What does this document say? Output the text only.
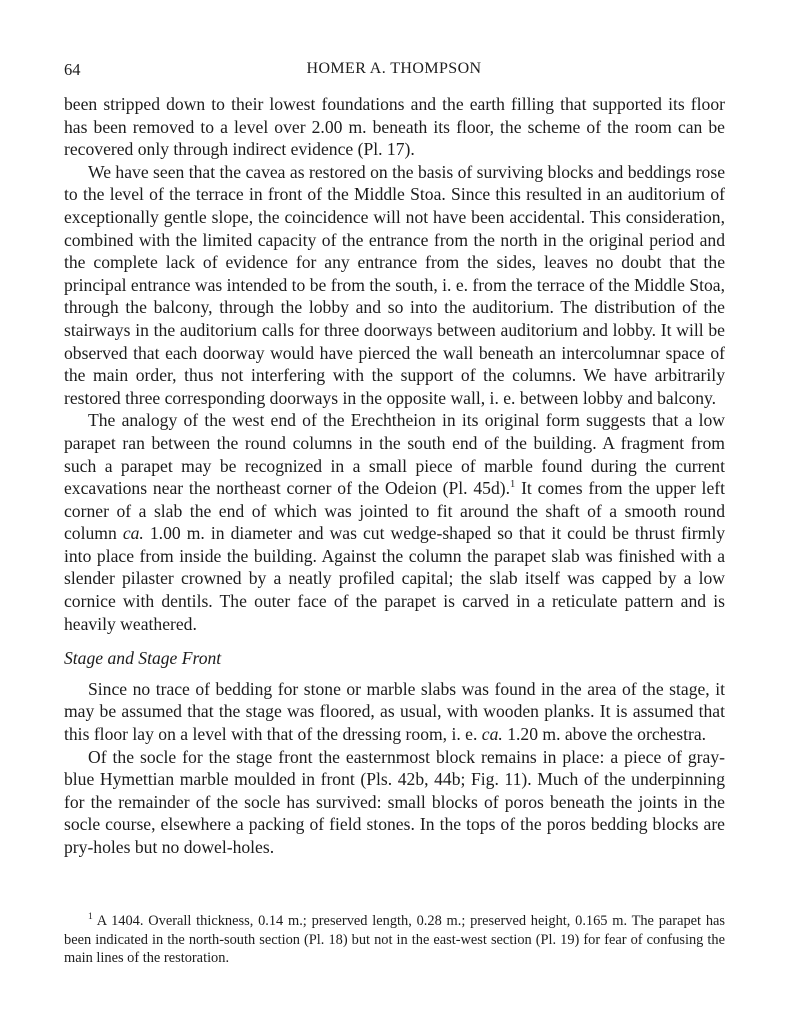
64	HOMER A. THOMPSON

been stripped down to their lowest foundations and the earth filling that supported its floor has been removed to a level over 2.00 m. beneath its floor, the scheme of the room can be recovered only through indirect evidence (Pl. 17).

We have seen that the cavea as restored on the basis of surviving blocks and beddings rose to the level of the terrace in front of the Middle Stoa. Since this resulted in an auditorium of exceptionally gentle slope, the coincidence will not have been accidental. This consideration, combined with the limited capacity of the entrance from the north in the original period and the complete lack of evidence for any entrance from the sides, leaves no doubt that the principal entrance was intended to be from the south, i. e. from the terrace of the Middle Stoa, through the balcony, through the lobby and so into the auditorium. The distribution of the stairways in the auditorium calls for three doorways between auditorium and lobby. It will be observed that each doorway would have pierced the wall beneath an intercolumnar space of the main order, thus not interfering with the support of the columns. We have arbitrarily restored three corresponding doorways in the opposite wall, i. e. between lobby and balcony.

The analogy of the west end of the Erechtheion in its original form suggests that a low parapet ran between the round columns in the south end of the building. A fragment from such a parapet may be recognized in a small piece of marble found during the current excavations near the northeast corner of the Odeion (Pl. 45d).$^1$ It comes from the upper left corner of a slab the end of which was jointed to fit around the shaft of a smooth round column ca. 1.00 m. in diameter and was cut wedge-shaped so that it could be thrust firmly into place from inside the building. Against the column the parapet slab was finished with a slender pilaster crowned by a neatly profiled capital; the slab itself was capped by a low cornice with dentils. The outer face of the parapet is carved in a reticulate pattern and is heavily weathered.

Stage and Stage Front

Since no trace of bedding for stone or marble slabs was found in the area of the stage, it may be assumed that the stage was floored, as usual, with wooden planks. It is assumed that this floor lay on a level with that of the dressing room, i. e. ca. 1.20 m. above the orchestra.

Of the socle for the stage front the easternmost block remains in place: a piece of gray-blue Hymettian marble moulded in front (Pls. 42b, 44b; Fig. 11). Much of the underpinning for the remainder of the socle has survived: small blocks of poros beneath the joints in the socle course, elsewhere a packing of field stones. In the tops of the poros bedding blocks are pry-holes but no dowel-holes.

$^1$ A 1404. Overall thickness, 0.14 m.; preserved length, 0.28 m.; preserved height, 0.165 m. The parapet has been indicated in the north-south section (Pl. 18) but not in the east-west section (Pl. 19) for fear of confusing the main lines of the restoration.
